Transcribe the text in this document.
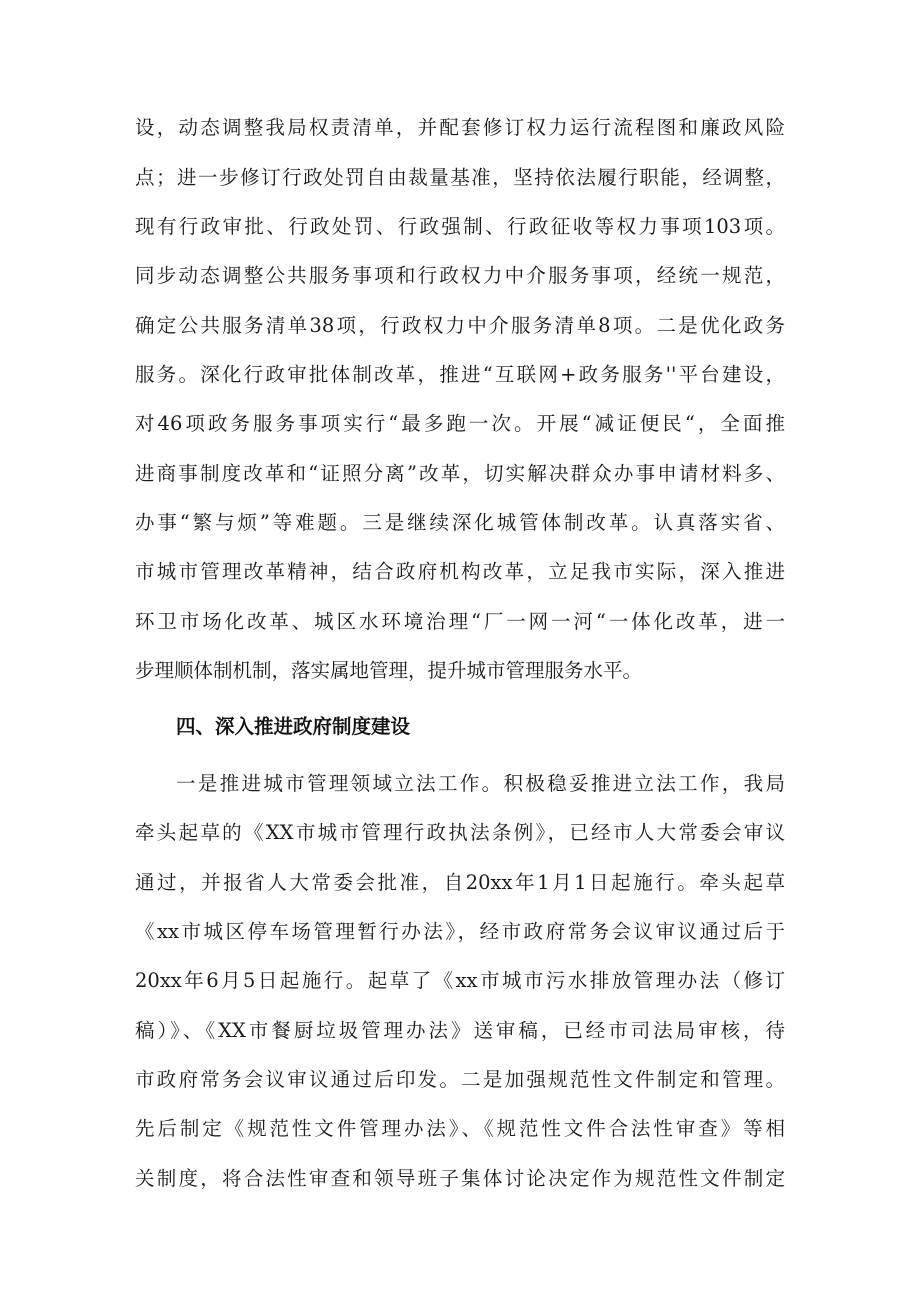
设，动态调整我局权责清单，并配套修订权力运行流程图和廉政风险
点；进一步修订行政处罚自由裁量基准，坚持依法履行职能，经调整，
现有行政审批、行政处罚、行政强制、行政征收等权力事项103项。
同步动态调整公共服务事项和行政权力中介服务事项，经统一规范，
确定公共服务清单38项，行政权力中介服务清单8项。二是优化政务
服务。深化行政审批体制改革，推进“互联网+政务服务''平台建设，
对46项政务服务事项实行“最多跑一次。开展“减证便民“，全面推
进商事制度改革和“证照分离”改革，切实解决群众办事申请材料多、
办事“繁与烦”等难题。三是继续深化城管体制改革。认真落实省、
市城市管理改革精神，结合政府机构改革，立足我市实际，深入推进
环卫市场化改革、城区水环境治理“厂一网一河“一体化改革，进一
步理顺体制机制，落实属地管理，提升城市管理服务水平。
四、深入推进政府制度建设
一是推进城市管理领域立法工作。积极稳妥推进立法工作，我局
牵头起草的《XX市城市管理行政执法条例》，已经市人大常委会审议
通过，并报省人大常委会批准，自20xx年1月1日起施行。牵头起草
《xx市城区停车场管理暂行办法》，经市政府常务会议审议通过后于
20xx年6月5日起施行。起草了《xx市城市污水排放管理办法（修订
稿）》、《XX市餐厨垃圾管理办法》送审稿，已经市司法局审核，待
市政府常务会议审议通过后印发。二是加强规范性文件制定和管理。
先后制定《规范性文件管理办法》、《规范性文件合法性审查》等相
关制度，将合法性审查和领导班子集体讨论决定作为规范性文件制定
